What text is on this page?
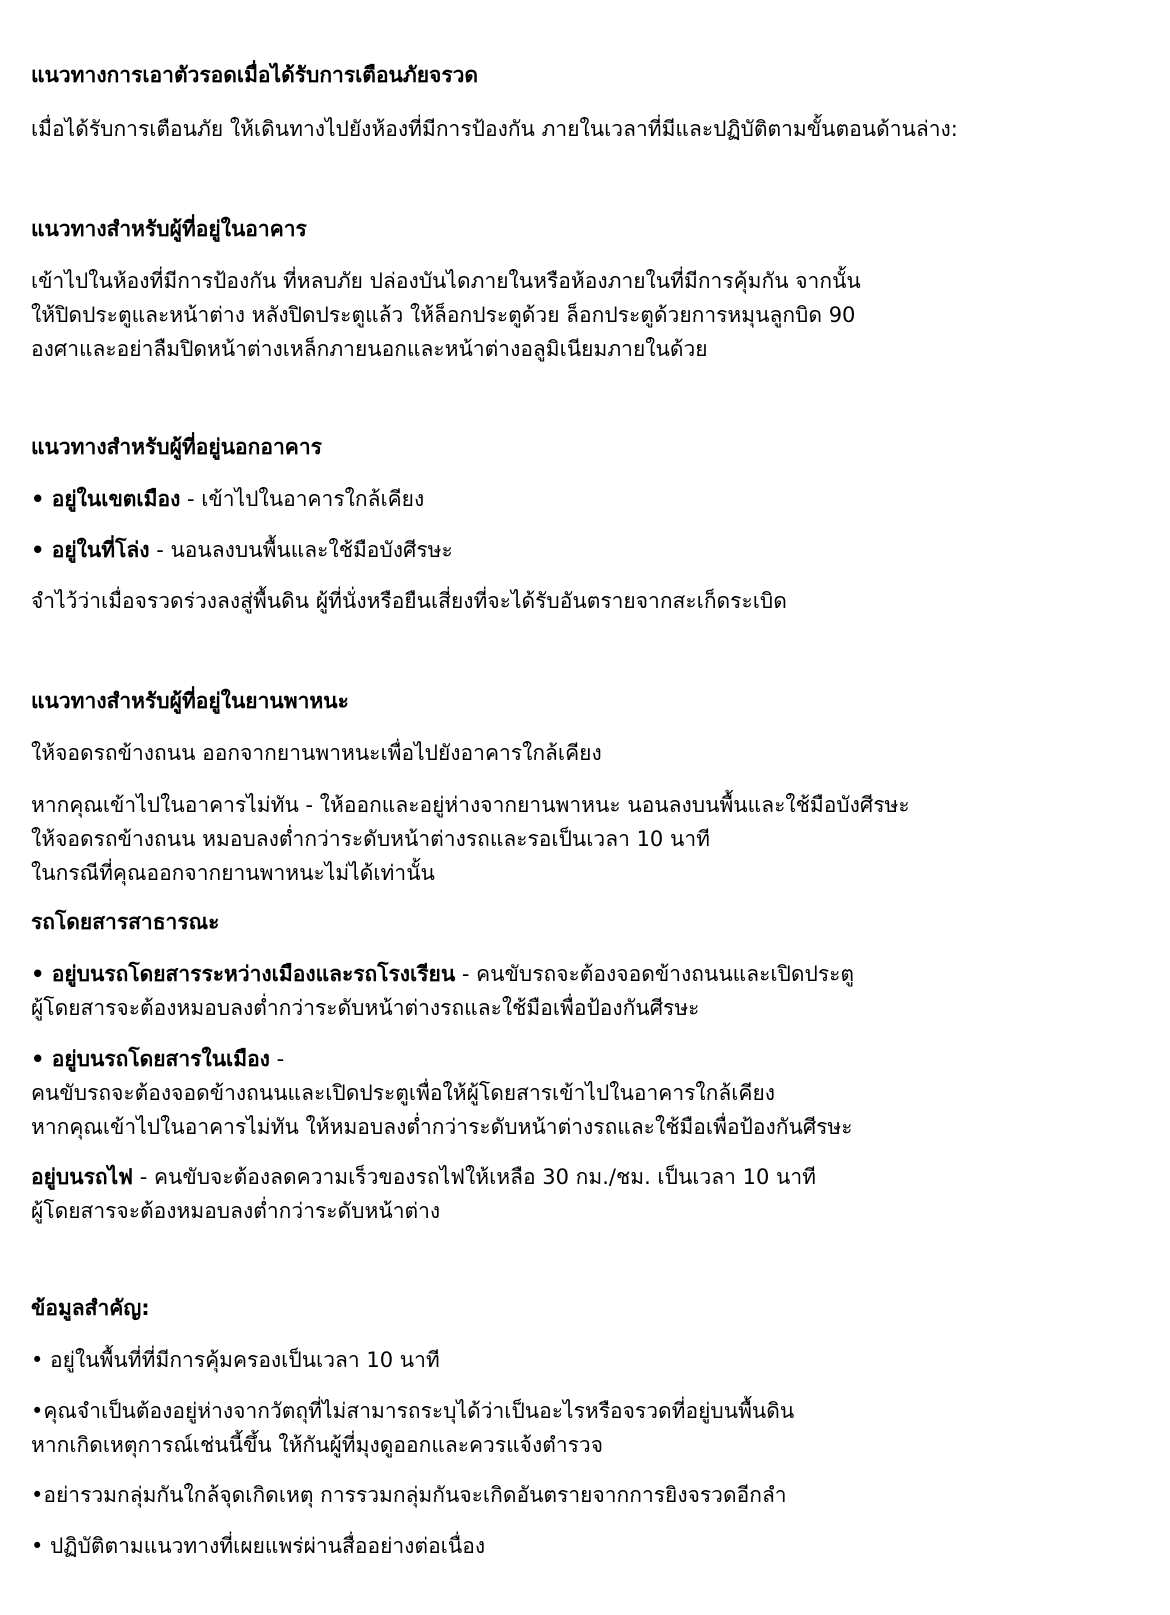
แนวทางการเอาตัวรอดเมื่อได้รับการเตือนภัยจรวด
เมื่อได้รับการเตือนภัย ให้เดินทางไปยังห้องที่มีการป้องกัน ภายในเวลาที่มีและปฏิบัติตามขั้นตอนด้านล่าง:
แนวทางสำหรับผู้ที่อยู่ในอาคาร
เข้าไปในห้องที่มีการป้องกัน ที่หลบภัย ปล่องบันไดภายในหรือห้องภายในที่มีการคุ้มกัน จากนั้น
ให้ปิดประตูและหน้าต่าง หลังปิดประตูแล้ว ให้ล็อกประตูด้วย ล็อกประตูด้วยการหมุนลูกบิด 90
องศาและอย่าลืมปิดหน้าต่างเหล็กภายนอกและหน้าต่างอลูมิเนียมภายในด้วย
แนวทางสำหรับผู้ที่อยู่นอกอาคาร
• อยู่ในเขตเมือง - เข้าไปในอาคารใกล้เคียง
• อยู่ในที่โล่ง - นอนลงบนพื้นและใช้มือบังศีรษะ
จำไว้ว่าเมื่อจรวดร่วงลงสู่พื้นดิน ผู้ที่นั่งหรือยืนเสี่ยงที่จะได้รับอันตรายจากสะเก็ดระเบิด
แนวทางสำหรับผู้ที่อยู่ในยานพาหนะ
ให้จอดรถข้างถนน ออกจากยานพาหนะเพื่อไปยังอาคารใกล้เคียง
หากคุณเข้าไปในอาคารไม่ทัน - ให้ออกและอยู่ห่างจากยานพาหนะ นอนลงบนพื้นและใช้มือบังศีรษะ
ให้จอดรถข้างถนน หมอบลงต่ำกว่าระดับหน้าต่างรถและรอเป็นเวลา 10 นาที
ในกรณีที่คุณออกจากยานพาหนะไม่ได้เท่านั้น
รถโดยสารสาธารณะ
• อยู่บนรถโดยสารระหว่างเมืองและรถโรงเรียน - คนขับรถจะต้องจอดข้างถนนและเปิดประตู
ผู้โดยสารจะต้องหมอบลงต่ำกว่าระดับหน้าต่างรถและใช้มือเพื่อป้องกันศีรษะ
• อยู่บนรถโดยสารในเมือง -
คนขับรถจะต้องจอดข้างถนนและเปิดประตูเพื่อให้ผู้โดยสารเข้าไปในอาคารใกล้เคียง
หากคุณเข้าไปในอาคารไม่ทัน ให้หมอบลงต่ำกว่าระดับหน้าต่างรถและใช้มือเพื่อป้องกันศีรษะ
อยู่บนรถไฟ - คนขับจะต้องลดความเร็วของรถไฟให้เหลือ 30 กม./ชม. เป็นเวลา 10 นาที
ผู้โดยสารจะต้องหมอบลงต่ำกว่าระดับหน้าต่าง
ข้อมูลสำคัญ:
• อยู่ในพื้นที่ที่มีการคุ้มครองเป็นเวลา 10 นาที
•คุณจำเป็นต้องอยู่ห่างจากวัตถุที่ไม่สามารถระบุได้ว่าเป็นอะไรหรือจรวดที่อยู่บนพื้นดิน
หากเกิดเหตุการณ์เช่นนี้ขึ้น ให้กันผู้ที่มุงดูออกและควรแจ้งตำรวจ
•อย่ารวมกลุ่มกันใกล้จุดเกิดเหตุ การรวมกลุ่มกันจะเกิดอันตรายจากการยิงจรวดอีกลำ
• ปฏิบัติตามแนวทางที่เผยแพร่ผ่านสื่ออย่างต่อเนื่อง
